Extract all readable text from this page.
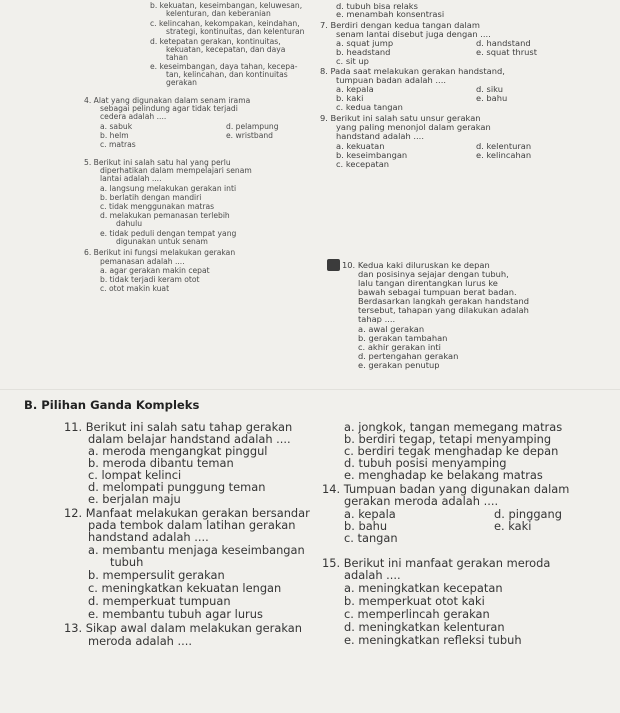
b. kekuatan, keseimbangan, keluwesan,
kelenturan, dan keberanian
c. kelincahan, kekompakan, keindahan,
strategi, kontinuitas, dan kelenturan
d. ketepatan gerakan, kontinuitas,
kekuatan, kecepatan, dan daya
tahan
e. keseimbangan, daya tahan, kecepa-
tan, kelincahan, dan kontinuitas
gerakan
4. Alat yang digunakan dalam senam irama
sebagai pelindung agar tidak terjadi
cedera adalah ....
a. sabuk	d. pelampung
b. helm	e. wristband
c. matras
5. Berikut ini salah satu hal yang perlu
diperhatikan dalam mempelajari senam
lantai adalah ....
a. langsung melakukan gerakan inti
b. berlatih dengan mandiri
c. tidak menggunakan matras
d. melakukan pemanasan terlebih
dahulu
e. tidak peduli dengan tempat yang
digunakan untuk senam
6. Berikut ini fungsi melakukan gerakan
pemanasan adalah ....
a. agar gerakan makin cepat
b. tidak terjadi keram otot
c. otot makin kuat
d. tubuh bisa relaks
e. menambah konsentrasi
7. Berdiri dengan kedua tangan dalam
senam lantai disebut juga dengan ....
a. squat jump	d. handstand
b. headstand	e. squat thrust
c. sit up
8. Pada saat melakukan gerakan handstand,
tumpuan badan adalah ....
a. kepala	d. siku
b. kaki	e. bahu
c. kedua tangan
9. Berikut ini salah satu unsur gerakan
yang paling menonjol dalam gerakan
handstand adalah ....
a. kekuatan	d. kelenturan
b. keseimbangan	e. kelincahan
c. kecepatan
10. Kedua kaki diluruskan ke depan
dan posisinya sejajar dengan tubuh,
lalu tangan direntangkan lurus ke
bawah sebagai tumpuan berat badan.
Berdasarkan langkah gerakan handstand
tersebut, tahapan yang dilakukan adalah
tahap ....
a. awal gerakan
b. gerakan tambahan
c. akhir gerakan inti
d. pertengahan gerakan
e. gerakan penutup
B. Pilihan Ganda Kompleks
11. Berikut ini salah satu tahap gerakan
dalam belajar handstand adalah ....
a. meroda mengangkat pinggul
b. meroda dibantu teman
c. lompat kelinci
d. melompati punggung teman
e. berjalan maju
12. Manfaat melakukan gerakan bersandar
pada tembok dalam latihan gerakan
handstand adalah ....
a. membantu menjaga keseimbangan
tubuh
b. mempersulit gerakan
c. meningkatkan kekuatan lengan
d. memperkuat tumpuan
e. membantu tubuh agar lurus
13. Sikap awal dalam melakukan gerakan
meroda adalah ....
a. jongkok, tangan memegang matras
b. berdiri tegap, tetapi menyamping
c. berdiri tegak menghadap ke depan
d. tubuh posisi menyamping
e. menghadap ke belakang matras
14. Tumpuan badan yang digunakan dalam
gerakan meroda adalah ....
a. kepala	d. pinggang
b. bahu	e. kaki
c. tangan
15. Berikut ini manfaat gerakan meroda
adalah ....
a. meningkatkan kecepatan
b. memperkuat otot kaki
c. memperlincah gerakan
d. meningkatkan kelenturan
e. meningkatkan refleksi tubuh
